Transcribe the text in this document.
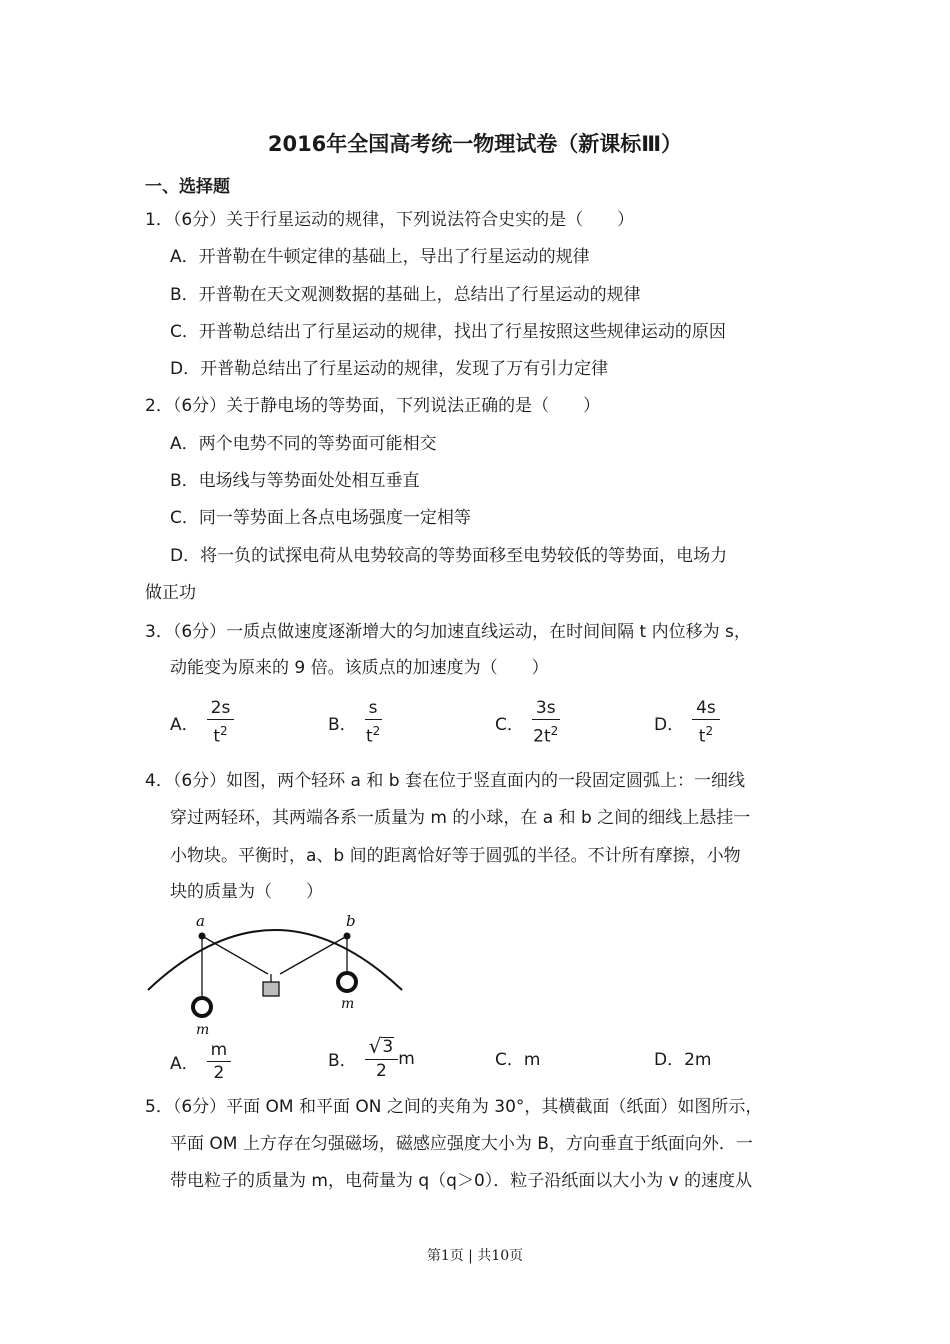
2016年全国高考统一物理试卷（新课标Ⅲ）
一、选择题
1．（6分）关于行星运动的规律，下列说法符合史实的是（　　）
A．开普勒在牛顿定律的基础上，导出了行星运动的规律
B．开普勒在天文观测数据的基础上，总结出了行星运动的规律
C．开普勒总结出了行星运动的规律，找出了行星按照这些规律运动的原因
D．开普勒总结出了行星运动的规律，发现了万有引力定律
2．（6分）关于静电场的等势面，下列说法正确的是（　　）
A．两个电势不同的等势面可能相交
B．电场线与等势面处处相互垂直
C．同一等势面上各点电场强度一定相等
D．将一负的试探电荷从电势较高的等势面移至电势较低的等势面，电场力
做正功
3．（6分）一质点做速度逐渐增大的匀加速直线运动，在时间间隔 t 内位移为 s，
动能变为原来的 9 倍。该质点的加速度为（　　）
A． $\frac{2s}{t^2}$	B． $\frac{s}{t^2}$	C． $\frac{3s}{2t^2}$	D． $\frac{4s}{t^2}$
4．（6分）如图，两个轻环 a 和 b 套在位于竖直面内的一段固定圆弧上：一细线
穿过两轻环，其两端各系一质量为 m 的小球，在 a 和 b 之间的细线上悬挂一
小物块。平衡时，a、b 间的距离恰好等于圆弧的半径。不计所有摩擦，小物
块的质量为（　　）
a	b
m
m
A． $\frac{m}{2}$	B． $\frac{√ 3}{2}$ m	C．m	D．2m
5．（6分）平面 OM 和平面 ON 之间的夹角为 30°，其横截面（纸面）如图所示，
平面 OM 上方存在匀强磁场，磁感应强度大小为 B，方向垂直于纸面向外．一
带电粒子的质量为 m，电荷量为 q（q＞0）．粒子沿纸面以大小为 v 的速度从
第1页 | 共10页
